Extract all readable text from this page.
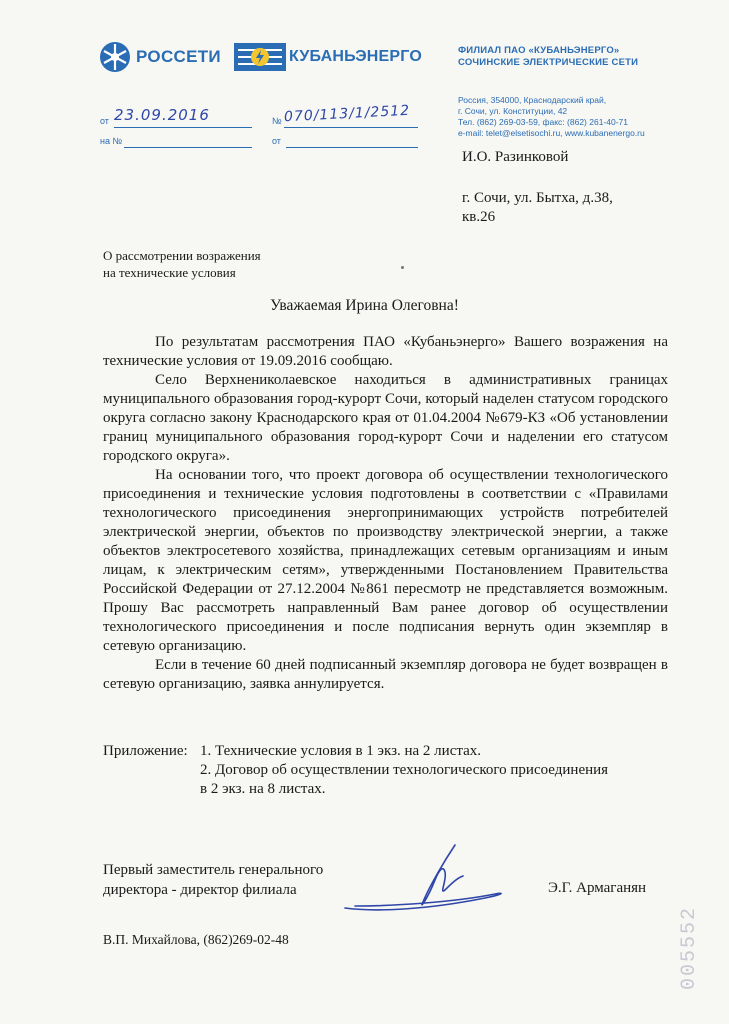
РОССЕТИ	КУБАНЬЭНЕРГО	ФИЛИАЛ ПАО «КУБАНЬЭНЕРГО»
СОЧИНСКИЕ ЭЛЕКТРИЧЕСКИЕ СЕТИ
Россия, 354000, Краснодарский край,
г. Сочи, ул. Конституции, 42
Тел. (862) 269-03-59, факс: (862) 261-40-71
e-mail: telet@elsetisochi.ru, www.kubanenergo.ru
от 23.09.2016	№ 070/113/1/2512
на №	от
И.О. Разинковой
г. Сочи, ул. Бытха, д.38,
кв.26
О рассмотрении возражения
на технические условия
Уважаемая Ирина Олеговна!

По результатам рассмотрения ПАО «Кубаньэнерго» Вашего возражения на технические условия от 19.09.2016 сообщаю.

Село Верхнениколаевское находиться в административных границах муниципального образования город-курорт Сочи, который наделен статусом городского округа согласно закону Краснодарского края от 01.04.2004 №679-КЗ «Об установлении границ муниципального образования город-курорт Сочи и наделении его статусом городского округа».

На основании того, что проект договора об осуществлении технологического присоединения и технические условия подготовлены в соответствии с «Правилами технологического присоединения энергопринимающих устройств потребителей электрической энергии, объектов по производству электрической энергии, а также объектов электросетевого хозяйства, принадлежащих сетевым организациям и иным лицам, к электрическим сетям», утвержденными Постановлением Правительства Российской Федерации от 27.12.2004 №861 пересмотр не представляется возможным. Прошу Вас рассмотреть направленный Вам ранее договор об осуществлении технологического присоединения и после подписания вернуть один экземпляр в сетевую организацию.

Если в течение 60 дней подписанный экземпляр договора не будет возвращен в сетевую организацию, заявка аннулируется.

Приложение: 1. Технические условия в 1 экз. на 2 листах.
2. Договор об осуществлении технологического присоединения
в 2 экз. на 8 листах.
Первый заместитель генерального
директора - директор филиала	Э.Г. Армаганян
В.П. Михайлова, (862)269-02-48	005552
